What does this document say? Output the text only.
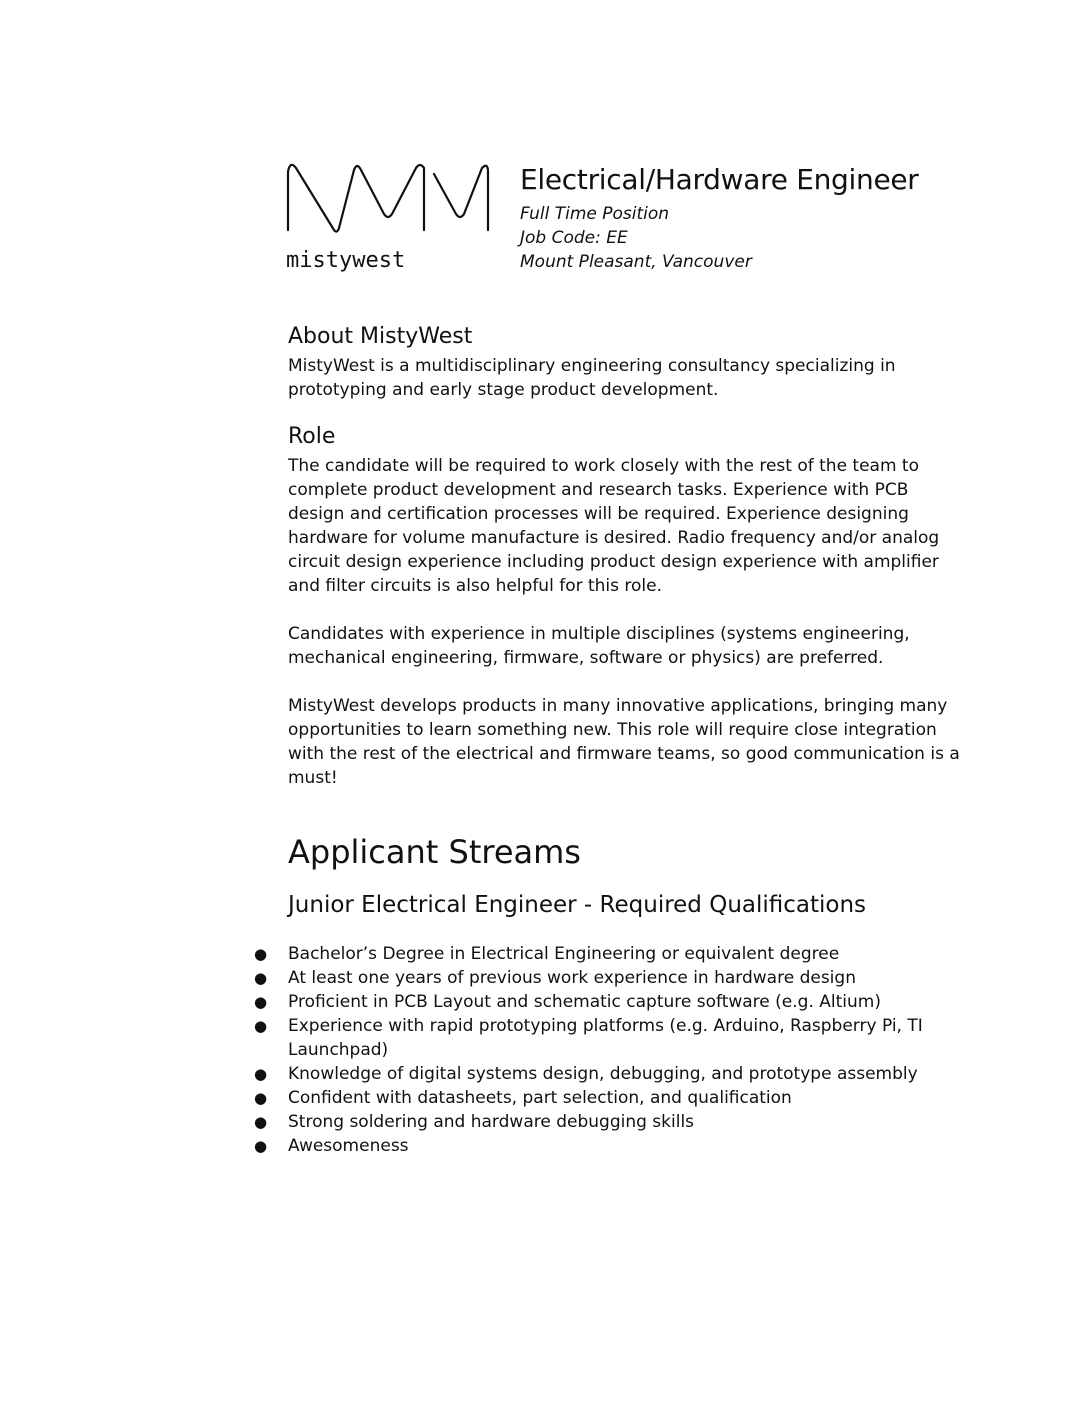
mistywest
Electrical/Hardware Engineer
Full Time Position
Job Code: EE
Mount Pleasant, Vancouver
About MistyWest

MistyWest is a multidisciplinary engineering consultancy specializing in prototyping and early stage product development.

Role

The candidate will be required to work closely with the rest of the team to complete product development and research tasks. Experience with PCB design and certification processes will be required. Experience designing hardware for volume manufacture is desired. Radio frequency and/or analog circuit design experience including product design experience with amplifier and filter circuits is also helpful for this role.

Candidates with experience in multiple disciplines (systems engineering, mechanical engineering, firmware, software or physics) are preferred.

MistyWest develops products in many innovative applications, bringing many opportunities to learn something new. This role will require close integration with the rest of the electrical and firmware teams, so good communication is a must!

Applicant Streams
Junior Electrical Engineer - Required Qualifications
● Bachelor’s Degree in Electrical Engineering or equivalent degree
● At least one years of previous work experience in hardware design
● Proficient in PCB Layout and schematic capture software (e.g. Altium)
● Experience with rapid prototyping platforms (e.g. Arduino, Raspberry Pi, TI Launchpad)
● Knowledge of digital systems design, debugging, and prototype assembly
● Confident with datasheets, part selection, and qualification
● Strong soldering and hardware debugging skills
● Awesomeness
